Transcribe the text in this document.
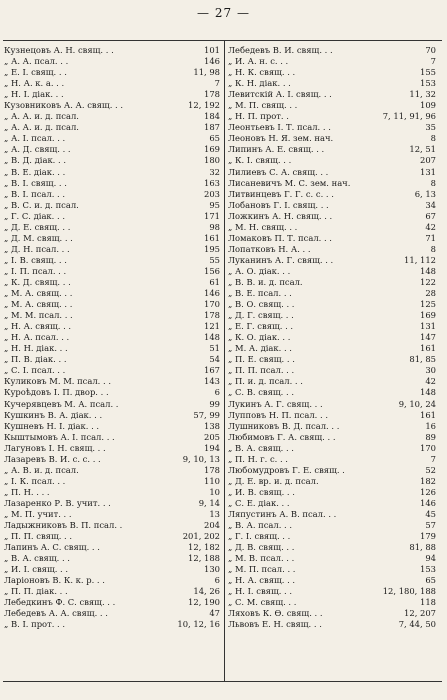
— 27 —
Кузнецовъ А. Н. свящ. . .	101
„ А. А. псал. . .	146
„ Е. І. свящ. . .	11, 98
„ Н. А. к. а. . .	7
„ Н. І. діак. . .	178
Кузовниковъ А. А. свящ. . .	12, 192
„ А. А. и. д. псал.	184
„ А. А. и. д. псал.	187
„ А. І. псал. . .	65
„ А. Д. свящ. . .	169
„ В. Д. діак. . .	180
„ В. Е. діак. . .	32
„ В. І. свящ. . .	163
„ В. І. псал. . .	203
„ В. С. и. д. псал.	95
„ Г. С. діак. . .	171
„ Д. Е. свящ. . .	98
„ Д. М. свящ. . .	161
„ Д. Н. псал. . .	195
„ І. В. свящ. . .	55
„ І. П. псал. . .	156
„ К. Д. свящ. . .	61
„ М. А. свящ. . .	146
„ М. А. свящ. . .	170
„ М. М. псал. . .	178
„ Н. А. свящ. . .	121
„ Н. А. псал. . .	148
„ Н. Н. діак. . .	51
„ П. В. діак. . .	54
„ С. І. псал. . .	167
Куликовъ М. М. псал. . .	143
Куроѣдовъ І. П. двор. . .	6
Кучерявцевъ М. А. псал. .	99
Кушкинъ В. А. діак. . .	57, 99
Кушневъ Н. І. діак. . .	138
Кыштымовъ А. І. псал. . .	205
Лагуновъ І. Н. свящ. . .	194
Лазаревъ В. И. с. с. . .	9, 10, 13
„ А. В. и. д. псал.	178
„ І. К. псал. . .	110
„ П. Н. . . .	10
Лазаренко Р. В. учит. . .	9, 14
„ М. П. учит. . .	13
Ладыжниковъ В. П. псал. .	204
„ П. П. свящ. . .	201, 202
Лапинъ А. С. свящ. . .	12, 182
„ В. А. свящ. . .	12, 188
„ И. І. свящ. . .	130
Ларіоновъ В. К. к. р. . .	6
„ П. П. діак. . .	14, 26
Лебедкинъ Ф. С. свящ. . .	12, 190
Лебедевъ А. А. свящ. . .	47
„ В. І. прот. . .	10, 12, 16
Лебедевъ В. И. свящ. . .	70
„ И. А. н. с. . .	7
„ Н. К. свящ. . .	155
„ К. Н. діак. . .	153
Левитскій А. І. свящ. . .	11, 32
„ М. П. свящ. . .	109
„ Н. П. прот. .	7, 11, 91, 96
Леонтьевъ І. Т. псал. . .	35
Леоновъ Н. Я. зем. нач.	8
Липинъ А. Е. свящ. . .	12, 51
„ К. І. свящ. . .	207
Лилиевъ С. А. свящ. . .	131
Лисаневичъ М. С. зем. нач.	8
Литвинцевъ Г. Г. с. с. . .	6, 13
Лобановъ Г. І. свящ. . .	34
Ложкинъ А. Н. свящ. . .	67
„ М. Н. свящ. . .	42
Ломаковъ П. Т. псал. . .	71
Лопатковъ Н. А. . .	8
Луканинъ А. Г. свящ. . .	11, 112
„ А. О. діак. . .	148
„ В. В. и. д. псал.	122
„ В. Е. псал. . .	28
„ В. О. свящ. . .	125
„ Д. Г. свящ. . .	169
„ Е. Г. свящ. . .	131
„ К. О. діак. . .	147
„ М. А. діак. . .	161
„ П. Е. свящ. . .	81, 85
„ П. П. псал. . .	30
„ П. и. д. псал. . .	42
„ С. В. свящ. . .	148
Лукинъ А. Г. свящ. . .	9, 10, 24
Лупповъ Н. П. псал. . .	161
Лушниковъ В. Д. псал. . .	16
Любимовъ Г. А. свящ. . .	89
„ В. А. свящ. . .	170
„ П. Н. г. с. . .	7
Любомудровъ Г. Е. свящ. .	52
„ Д. Е. вр. и. д. псал.	182
„ И. В. свящ. . .	126
„ С. Е. діак. . .	146
Ляпустинъ А. В. псал. . .	45
„ В. А. псал. . .	57
„ Г. І. свящ. . .	179
„ Д. В. свящ. . .	81, 88
„ М. В. псал. . .	94
„ М. П. псал. . .	153
„ Н. А. свящ. . .	65
„ Н. І. свящ. . .	12, 180, 188
„ С. М. свящ. . .	118
Ляховъ К. Ѳ. свящ. . .	12, 207
Львовъ Е. Н. свящ. . .	7, 44, 50
